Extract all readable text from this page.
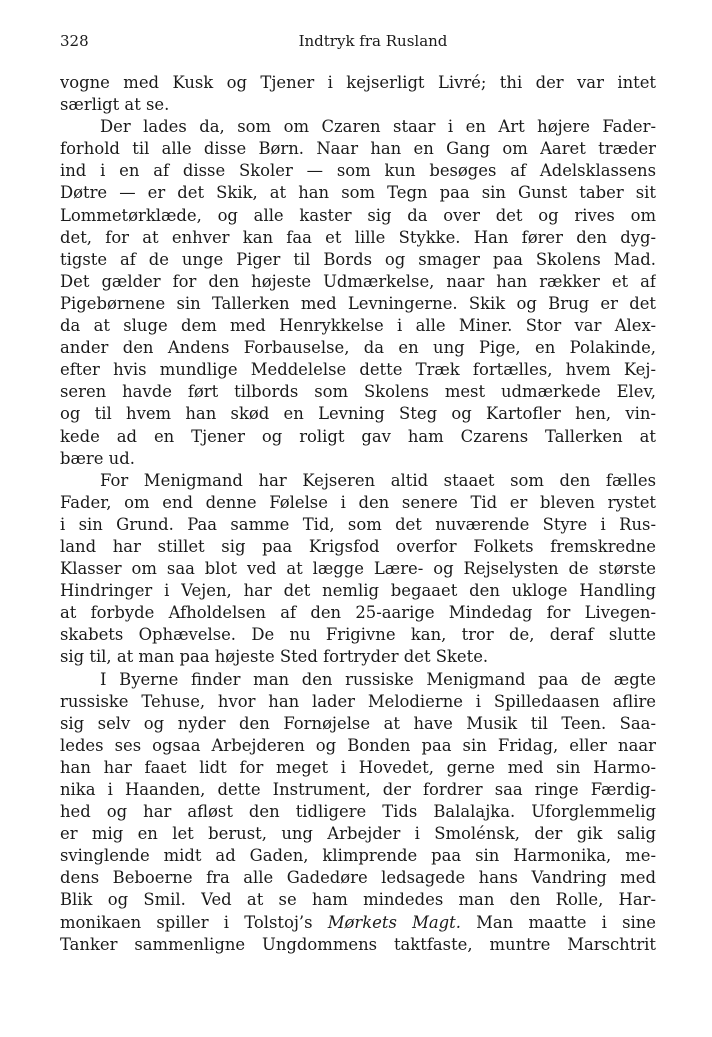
328	Indtryk fra Rusland
vogne med Kusk og Tjener i kejserligt Livré; thi der var intet
særligt at se.
Der lades da, som om Czaren staar i en Art højere Fader-
forhold til alle disse Børn. Naar han en Gang om Aaret træder
ind i en af disse Skoler — som kun besøges af Adelsklassens
Døtre — er det Skik, at han som Tegn paa sin Gunst taber sit
Lommetørklæde, og alle kaster sig da over det og rives om
det, for at enhver kan faa et lille Stykke. Han fører den dyg-
tigste af de unge Piger til Bords og smager paa Skolens Mad.
Det gælder for den højeste Udmærkelse, naar han rækker et af
Pigebørnene sin Tallerken med Levningerne. Skik og Brug er det
da at sluge dem med Henrykkelse i alle Miner. Stor var Alex-
ander den Andens Forbauselse, da en ung Pige, en Polakinde,
efter hvis mundlige Meddelelse dette Træk fortælles, hvem Kej-
seren havde ført tilbords som Skolens mest udmærkede Elev,
og til hvem han skød en Levning Steg og Kartofler hen, vin-
kede ad en Tjener og roligt gav ham Czarens Tallerken at
bære ud.
For Menigmand har Kejseren altid staaet som den fælles
Fader, om end denne Følelse i den senere Tid er bleven rystet
i sin Grund. Paa samme Tid, som det nuværende Styre i Rus-
land har stillet sig paa Krigsfod overfor Folkets fremskredne
Klasser om saa blot ved at lægge Lære- og Rejselysten de største
Hindringer i Vejen, har det nemlig begaaet den ukloge Handling
at forbyde Afholdelsen af den 25-aarige Mindedag for Livegen-
skabets Ophævelse. De nu Frigivne kan, tror de, deraf slutte
sig til, at man paa højeste Sted fortryder det Skete.
I Byerne finder man den russiske Menigmand paa de ægte
russiske Tehuse, hvor han lader Melodierne i Spilledaasen aflire
sig selv og nyder den Fornøjelse at have Musik til Teen. Saa-
ledes ses ogsaa Arbejderen og Bonden paa sin Fridag, eller naar
han har faaet lidt for meget i Hovedet, gerne med sin Harmo-
nika i Haanden, dette Instrument, der fordrer saa ringe Færdig-
hed og har afløst den tidligere Tids Balalajka. Uforglemmelig
er mig en let berust, ung Arbejder i Smolénsk, der gik salig
svinglende midt ad Gaden, klimprende paa sin Harmonika, me-
dens Beboerne fra alle Gadedøre ledsagede hans Vandring med
Blik og Smil. Ved at se ham mindedes man den Rolle, Har-
monikaen spiller i Tolstoj’s Mørkets Magt. Man maatte i sine
Tanker sammenligne Ungdommens taktfaste, muntre Marschtrit
